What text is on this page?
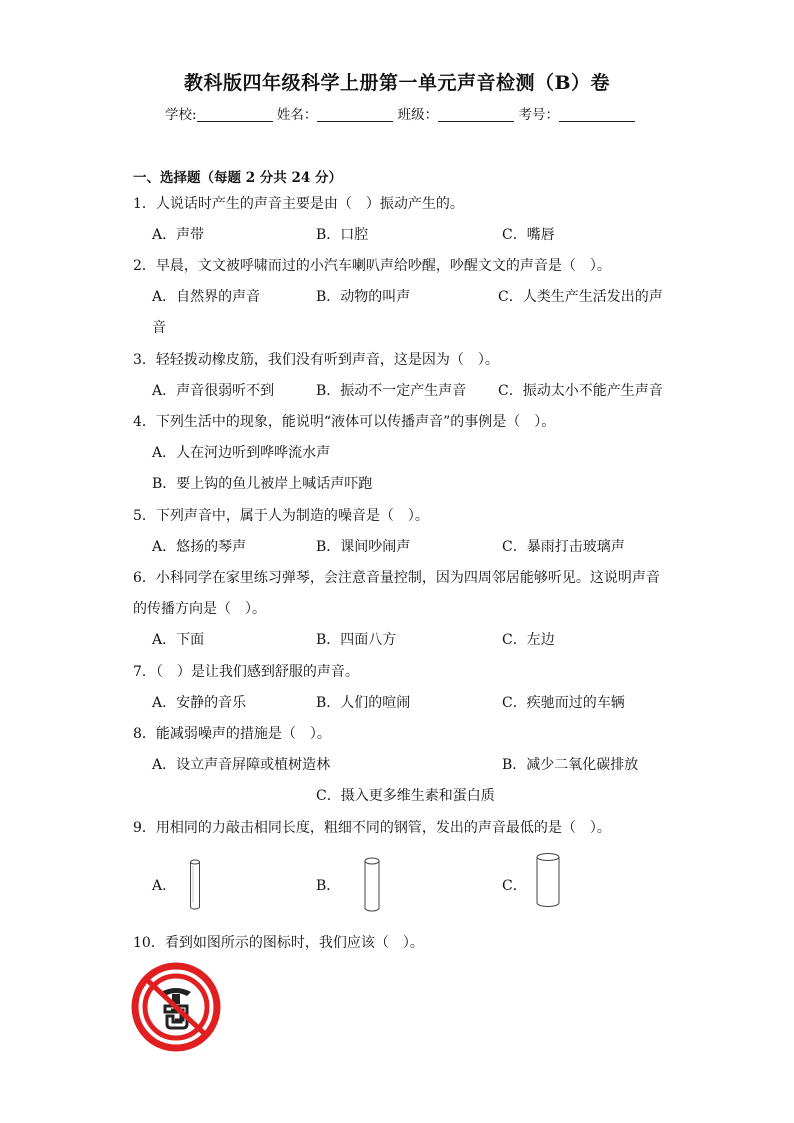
教科版四年级科学上册第一单元声音检测（B）卷
学校:	姓名：	班级：	考号：
一、选择题（每题 2 分共 24 分）
1．人说话时产生的声音主要是由（　）振动产生的。
A．声带	B．口腔	C．嘴唇
2．早晨，文文被呼啸而过的小汽车喇叭声给吵醒，吵醒文文的声音是（　）。
A．自然界的声音	B．动物的叫声	C．人类生产生活发出的声
音
3．轻轻拨动橡皮筋，我们没有听到声音，这是因为（　）。
A．声音很弱听不到	B．振动不一定产生声音 C．振动太小不能产生声音
4．下列生活中的现象，能说明“液体可以传播声音”的事例是（　）。
A．人在河边听到哗哗流水声
B．要上钩的鱼儿被岸上喊话声吓跑
5．下列声音中，属于人为制造的噪音是（　）。
A．悠扬的琴声	B．课间吵闹声	C．暴雨打击玻璃声
6．小科同学在家里练习弹琴，会注意音量控制，因为四周邻居能够听见。这说明声音
的传播方向是（　）。
A．下面	B．四面八方	C．左边
7．（　）是让我们感到舒服的声音。
A．安静的音乐	B．人们的喧闹	C．疾驰而过的车辆
8．能减弱噪声的措施是（　）。
A．设立声音屏障或植树造林	B．减少二氧化碳排放
C．摄入更多维生素和蛋白质
9．用相同的力敲击相同长度，粗细不同的钢管，发出的声音最低的是（　）。
A．	B．	C．
10．看到如图所示的图标时，我们应该（　）。
